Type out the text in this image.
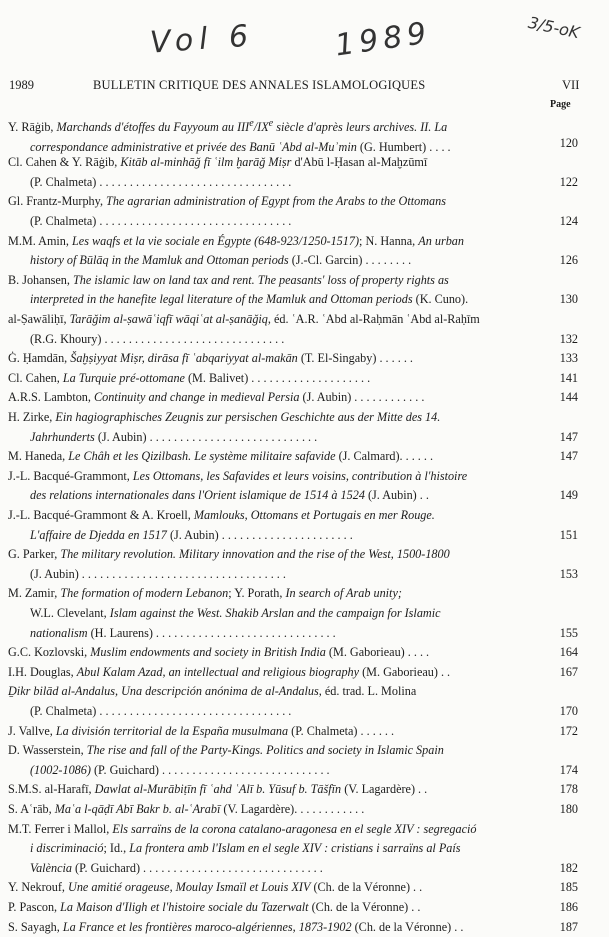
Vol 6	1989	3/5-oK
1989	BULLETIN CRITIQUE DES ANNALES ISLAMOLOGIQUES	VII
Page
Y. Rāġib, Marchands d'étoffes du Fayyoum au IIIe/IXe siècle d'après leurs archives. II. La
correspondance administrative et privée des Banū ʿAbd al-Muʾmin (G. Humbert) . . . .	120
Cl. Cahen & Y. Rāġib, Kitāb al-minhāǧ fī ʿilm ḫarāǧ Miṣr d'Abū l-Ḥasan al-Maḫzūmī
(P. Chalmeta) . . . . . . . . . . . . . . . . . . . . . . . . . . . . . . . .	122
Gl. Frantz-Murphy, The agrarian administration of Egypt from the Arabs to the Ottomans
(P. Chalmeta) . . . . . . . . . . . . . . . . . . . . . . . . . . . . . . . .	124
M.M. Amin, Les waqfs et la vie sociale en Égypte (648-923/1250-1517); N. Hanna, An urban
history of Būlāq in the Mamluk and Ottoman periods (J.-Cl. Garcin) . . . . . . . .	126
B. Johansen, The islamic law on land tax and rent. The peasants' loss of property rights as
interpreted in the hanefite legal literature of the Mamluk and Ottoman periods (K. Cuno).	130
al-Ṣawāliḥī, Tarāǧim al-ṣawāʿiqfī wāqiʿat al-ṣanāǧiq, éd. ʿA.R. ʿAbd al-Raḥmān ʿAbd al-Raḥīm
(R.G. Khoury) . . . . . . . . . . . . . . . . . . . . . . . . . . . . . .	132
Ġ. Ḥamdān, Šaḫṣiyyat Miṣr, dirāsa fī ʿabqariyyat al-makān (T. El-Singaby) . . . . . .	133
Cl. Cahen, La Turquie pré-ottomane (M. Balivet) . . . . . . . . . . . . . . . . . . . .	141
A.R.S. Lambton, Continuity and change in medieval Persia (J. Aubin) . . . . . . . . . . . .	144
H. Zirke, Ein hagiographisches Zeugnis zur persischen Geschichte aus der Mitte des 14.
Jahrhunderts (J. Aubin) . . . . . . . . . . . . . . . . . . . . . . . . . . . .	147
M. Haneda, Le Châh et les Qizilbash. Le système militaire safavide (J. Calmard). . . . . .	147
J.-L. Bacqué-Grammont, Les Ottomans, les Safavides et leurs voisins, contribution à l'histoire
des relations internationales dans l'Orient islamique de 1514 à 1524 (J. Aubin) . .	149
J.-L. Bacqué-Grammont & A. Kroell, Mamlouks, Ottomans et Portugais en mer Rouge.
L'affaire de Djedda en 1517 (J. Aubin) . . . . . . . . . . . . . . . . . . . . . .	151
G. Parker, The military revolution. Military innovation and the rise of the West, 1500-1800
(J. Aubin) . . . . . . . . . . . . . . . . . . . . . . . . . . . . . . . . . .	153
M. Zamir, The formation of modern Lebanon; Y. Porath, In search of Arab unity;
W.L. Clevelant, Islam against the West. Shakib Arslan and the campaign for Islamic
nationalism (H. Laurens) . . . . . . . . . . . . . . . . . . . . . . . . . . . . . .	155
G.C. Kozlovski, Muslim endowments and society in British India (M. Gaborieau) . . . .	164
I.H. Douglas, Abul Kalam Azad, an intellectual and religious biography (M. Gaborieau) . .	167
Ḏikr bilād al-Andalus, Una descripción anónima de al-Andalus, éd. trad. L. Molina
(P. Chalmeta) . . . . . . . . . . . . . . . . . . . . . . . . . . . . . . . .	170
J. Vallve, La división territorial de la España musulmana (P. Chalmeta) . . . . . .	172
D. Wasserstein, The rise and fall of the Party-Kings. Politics and society in Islamic Spain
(1002-1086) (P. Guichard) . . . . . . . . . . . . . . . . . . . . . . . . . . . .	174
S.M.S. al-Harafī, Dawlat al-Murābiṭīn fī ʿahd ʿAlī b. Yūsuf b. Tāšfīn (V. Lagardère) . .	178
S. Aʿrāb, Maʿa l-qāḍī Abī Bakr b. al-ʿArabī (V. Lagardère). . . . . . . . . . . .	180
M.T. Ferrer i Mallol, Els sarraïns de la corona catalano-aragonesa en el segle XIV : segregació
i discriminació; Id., La frontera amb l'Islam en el segle XIV : cristians i sarraïns al País
València (P. Guichard) . . . . . . . . . . . . . . . . . . . . . . . . . . . . . .	182
Y. Nekrouf, Une amitié orageuse, Moulay Ismaïl et Louis XIV (Ch. de la Véronne) . .	185
P. Pascon, La Maison d'Iligh et l'histoire sociale du Tazerwalt (Ch. de la Véronne) . .	186
S. Sayagh, La France et les frontières maroco-algériennes, 1873-1902 (Ch. de la Véronne) . .	187
